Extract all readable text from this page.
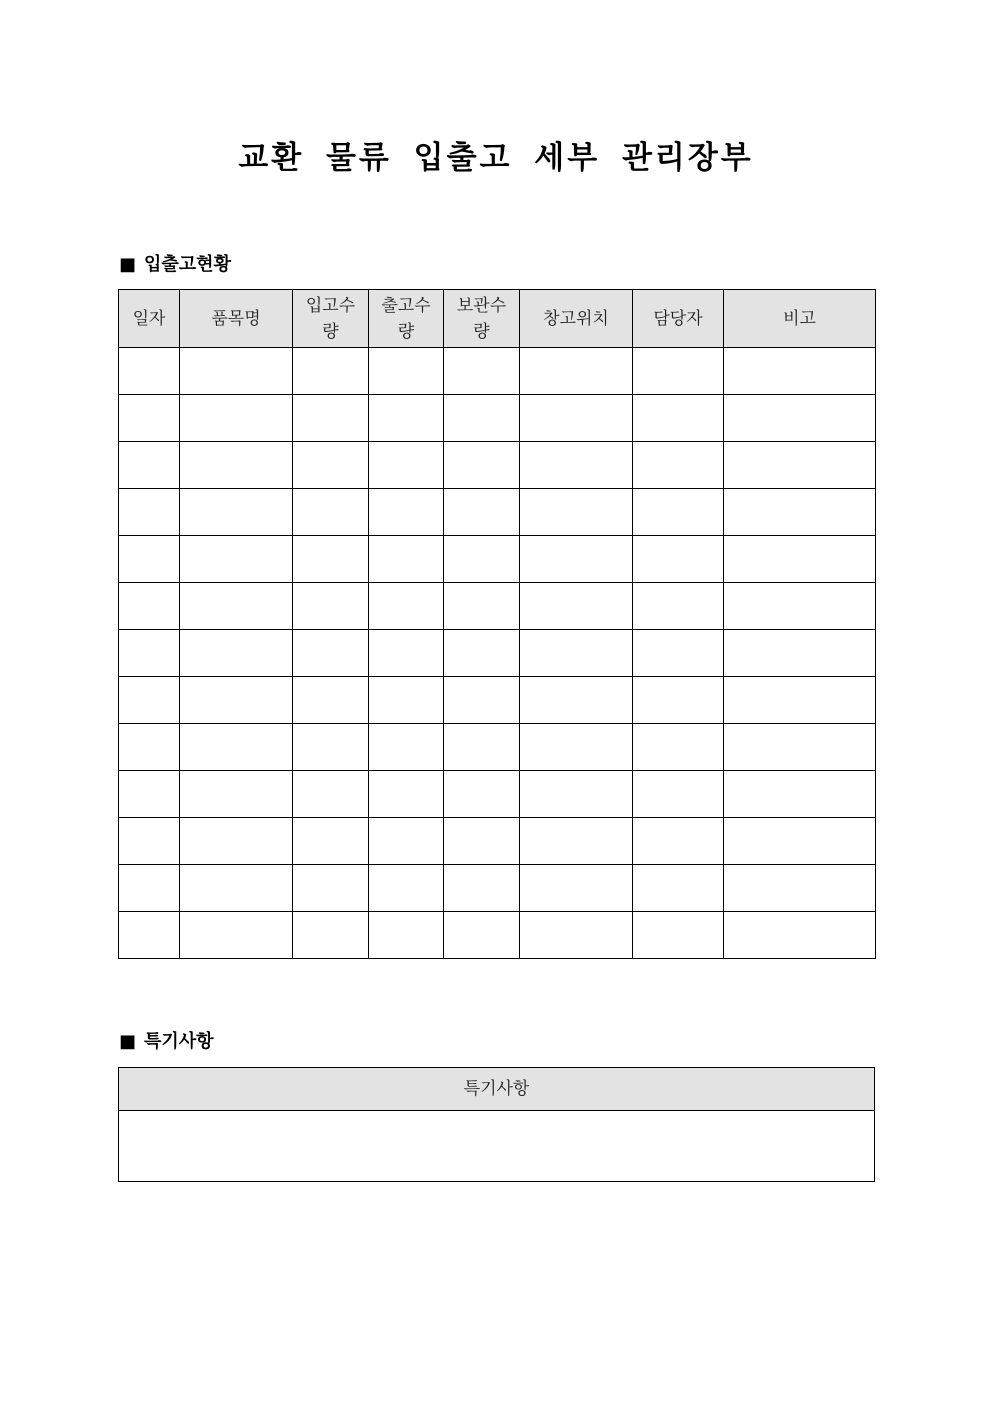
교환 물류 입출고 세부 관리장부
■ 입출고현황
일자	품목명	입고수량	출고수량	보관수량	창고위치	담당자	비고

■ 특기사항
특기사항
